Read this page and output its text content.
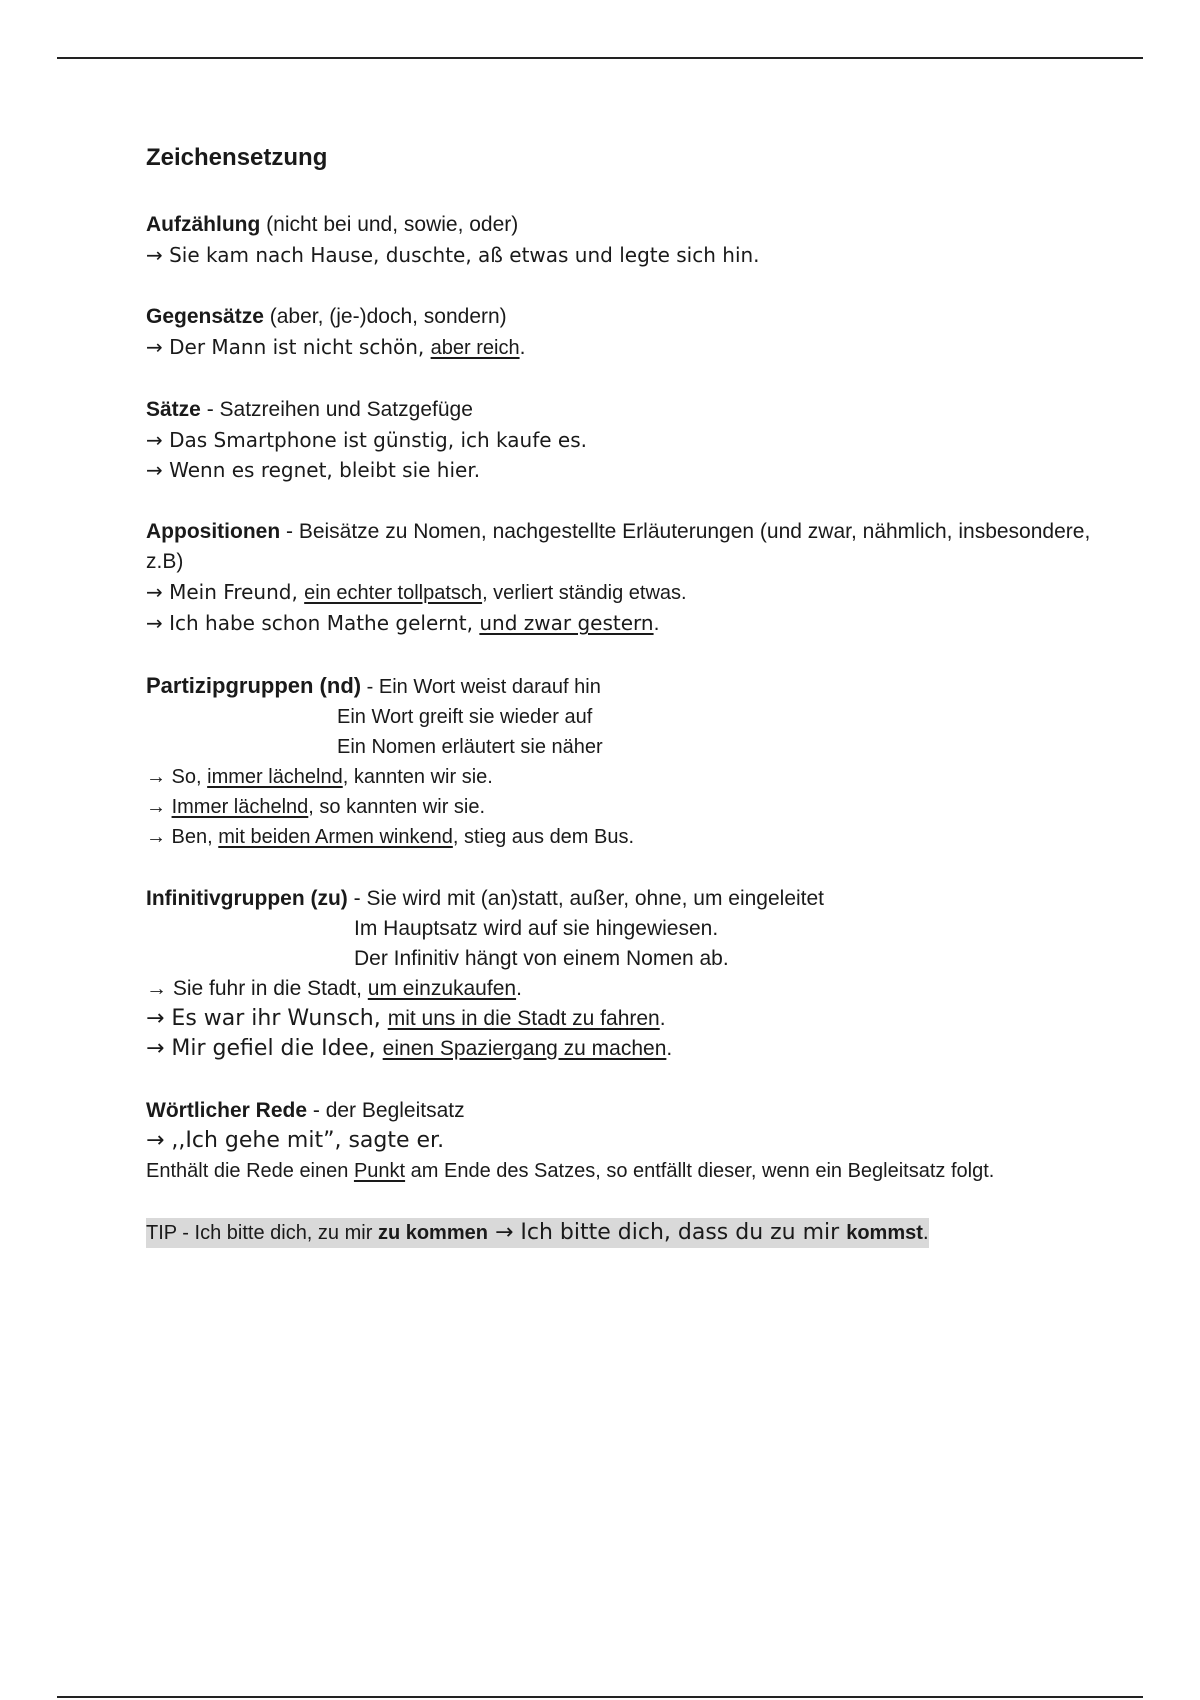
Zeichensetzung
Aufzählung (nicht bei und, sowie, oder)
→ Sie kam nach Hause, duschte, aß etwas und legte sich hin.
Gegensätze (aber, (je-)doch, sondern)
→ Der Mann ist nicht schön, aber reich.
Sätze - Satzreihen und Satzgefüge
→ Das Smartphone ist günstig, ich kaufe es.
→ Wenn es regnet, bleibt sie hier.
Appositionen - Beisätze zu Nomen, nachgestellte Erläuterungen (und zwar, nähmlich, insbesondere, z.B)
→ Mein Freund, ein echter tollpatsch, verliert ständig etwas.
→ Ich habe schon Mathe gelernt, und zwar gestern.
Partizipgruppen (nd) - Ein Wort weist darauf hin
Ein Wort greift sie wieder auf
Ein Nomen erläutert sie näher
→ So, immer lächelnd, kannten wir sie.
→ Immer lächelnd, so kannten wir sie.
→ Ben, mit beiden Armen winkend, stieg aus dem Bus.
Infinitivgruppen (zu) - Sie wird mit (an)statt, außer, ohne, um eingeleitet
Im Hauptsatz wird auf sie hingewiesen.
Der Infinitiv hängt von einem Nomen ab.
→ Sie fuhr in die Stadt, um einzukaufen.
→ Es war ihr Wunsch, mit uns in die Stadt zu fahren.
→ Mir gefiel die Idee, einen Spaziergang zu machen.
Wörtlicher Rede - der Begleitsatz
→ ,,Ich gehe mit”, sagte er.
Enthält die Rede einen Punkt am Ende des Satzes, so entfällt dieser, wenn ein Begleitsatz folgt.
TIP - Ich bitte dich, zu mir zu kommen → Ich bitte dich, dass du zu mir kommst.
